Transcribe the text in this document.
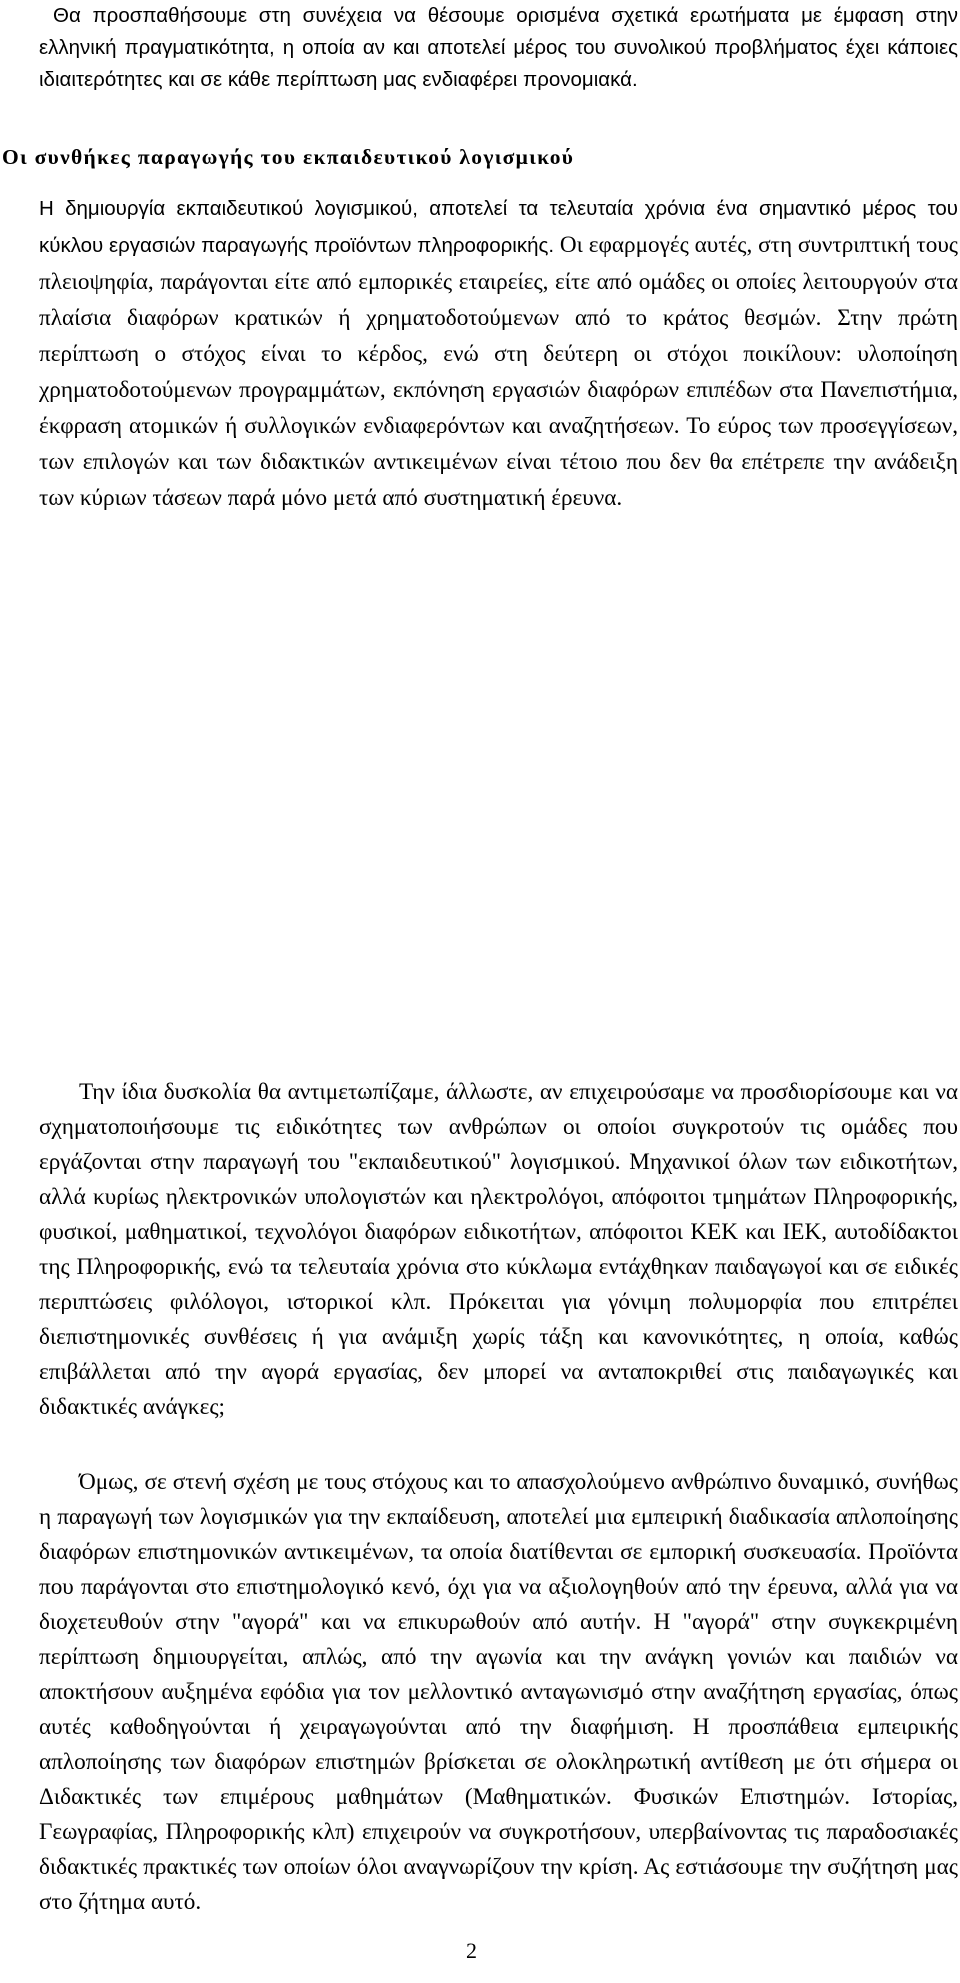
Θα προσπαθήσουμε στη συνέχεια να θέσουμε ορισμένα σχετικά ερωτήματα με έμφαση στην ελληνική πραγματικότητα, η οποία αν και αποτελεί μέρος του συνολικού προβλήματος έχει κάποιες ιδιαιτερότητες και σε κάθε περίπτωση μας ενδιαφέρει προνομιακά.

Οι συνθήκες παραγωγής του εκπαιδευτικού λογισμικού

Η δημιουργία εκπαιδευτικού λογισμικού, αποτελεί τα τελευταία χρόνια ένα σημαντικό μέρος του κύκλου εργασιών παραγωγής προϊόντων πληροφορικής. Οι εφαρμογές αυτές, στη συντριπτική τους πλειοψηφία, παράγονται είτε από εμπορικές εταιρείες, είτε από ομάδες οι οποίες λειτουργούν στα πλαίσια διαφόρων κρατικών ή χρηματοδοτούμενων από το κράτος θεσμών. Στην πρώτη περίπτωση ο στόχος είναι το κέρδος, ενώ στη δεύτερη οι στόχοι ποικίλουν: υλοποίηση χρηματοδοτούμενων προγραμμάτων, εκπόνηση εργασιών διαφόρων επιπέδων στα Πανεπιστήμια, έκφραση ατομικών ή συλλογικών ενδιαφερόντων και αναζητήσεων. Το εύρος των προσεγγίσεων, των επιλογών και των διδακτικών αντικειμένων είναι τέτοιο που δεν θα επέτρεπε την ανάδειξη των κύριων τάσεων παρά μόνο μετά από συστηματική έρευνα.

Την ίδια δυσκολία θα αντιμετωπίζαμε, άλλωστε, αν επιχειρούσαμε να προσδιορίσουμε και να σχηματοποιήσουμε τις ειδικότητες των ανθρώπων οι οποίοι συγκροτούν τις ομάδες που εργάζονται στην παραγωγή του "εκπαιδευτικού" λογισμικού. Μηχανικοί όλων των ειδικοτήτων, αλλά κυρίως ηλεκτρονικών υπολογιστών και ηλεκτρολόγοι, απόφοιτοι τμημάτων Πληροφορικής, φυσικοί, μαθηματικοί, τεχνολόγοι διαφόρων ειδικοτήτων, απόφοιτοι ΚΕΚ και ΙΕΚ, αυτοδίδακτοι της Πληροφορικής, ενώ τα τελευταία χρόνια στο κύκλωμα εντάχθηκαν παιδαγωγοί και σε ειδικές περιπτώσεις φιλόλογοι, ιστορικοί κλπ. Πρόκειται για γόνιμη πολυμορφία που επιτρέπει διεπιστημονικές συνθέσεις ή για ανάμιξη χωρίς τάξη και κανονικότητες, η οποία, καθώς επιβάλλεται από την αγορά εργασίας, δεν μπορεί να ανταποκριθεί στις παιδαγωγικές και διδακτικές ανάγκες;

Όμως, σε στενή σχέση με τους στόχους και το απασχολούμενο ανθρώπινο δυναμικό, συνήθως η παραγωγή των λογισμικών για την εκπαίδευση, αποτελεί μια εμπειρική διαδικασία απλοποίησης διαφόρων επιστημονικών αντικειμένων, τα οποία διατίθενται σε εμπορική συσκευασία. Προϊόντα που παράγονται στο επιστημολογικό κενό, όχι για να αξιολογηθούν από την έρευνα, αλλά για να διοχετευθούν στην "αγορά" και να επικυρωθούν από αυτήν. Η "αγορά" στην συγκεκριμένη περίπτωση δημιουργείται, απλώς, από την αγωνία και την ανάγκη γονιών και παιδιών να αποκτήσουν αυξημένα εφόδια για τον μελλοντικό ανταγωνισμό στην αναζήτηση εργασίας, όπως αυτές καθοδηγούνται ή χειραγωγούνται από την διαφήμιση. Η προσπάθεια εμπειρικής απλοποίησης των διαφόρων επιστημών βρίσκεται σε ολοκληρωτική αντίθεση με ότι σήμερα οι Διδακτικές των επιμέρους μαθημάτων (Μαθηματικών. Φυσικών Επιστημών. Ιστορίας, Γεωγραφίας, Πληροφορικής κλπ) επιχειρούν να συγκροτήσουν, υπερβαίνοντας τις παραδοσιακές διδακτικές πρακτικές των οποίων όλοι αναγνωρίζουν την κρίση. Ας εστιάσουμε την συζήτηση μας στο ζήτημα αυτό.

2
